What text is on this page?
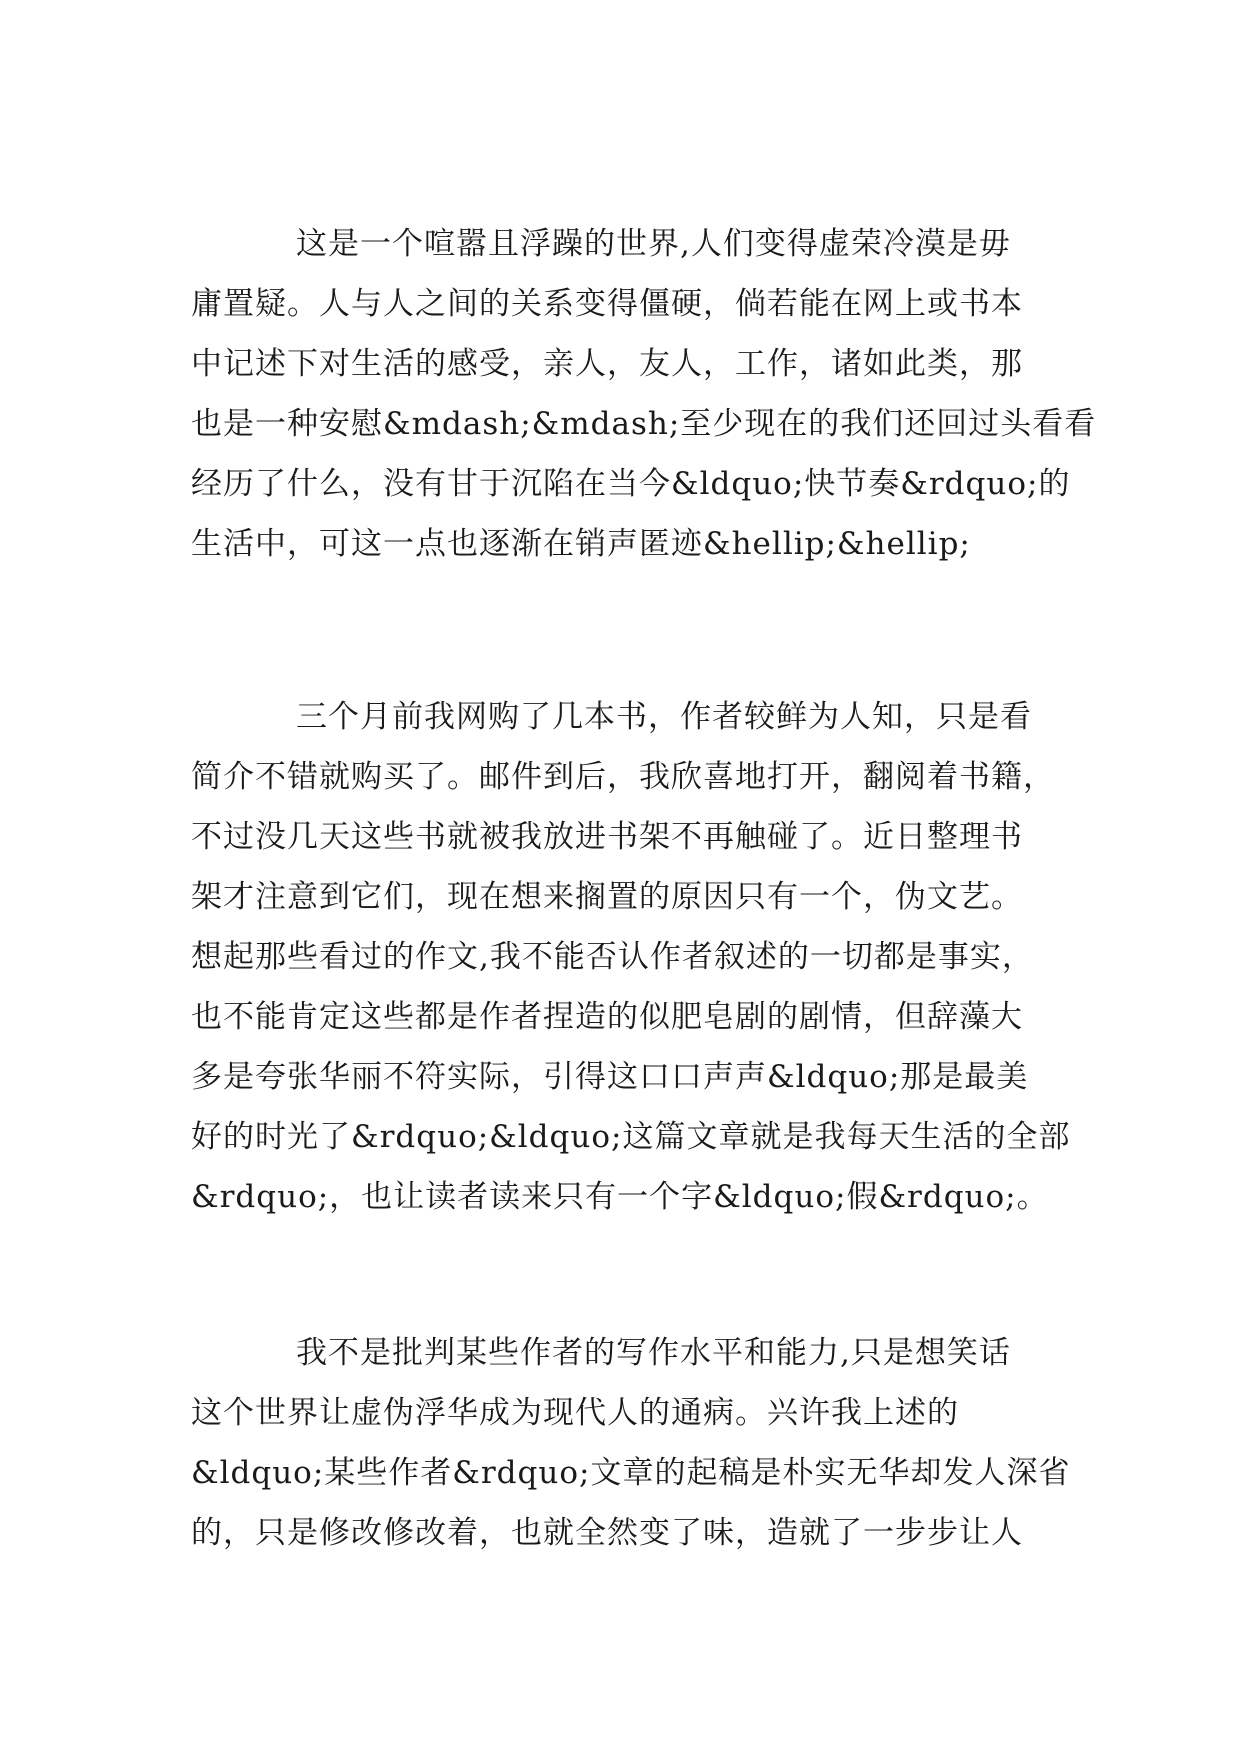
这是一个喧嚣且浮躁的世界,人们变得虚荣冷漠是毋
庸置疑。人与人之间的关系变得僵硬，倘若能在网上或书本
中记述下对生活的感受，亲人，友人，工作，诸如此类，那
也是一种安慰&mdash;&mdash;至少现在的我们还回过头看看
经历了什么，没有甘于沉陷在当今&ldquo;快节奏&rdquo;的
生活中，可这一点也逐渐在销声匿迹&hellip;&hellip;
三个月前我网购了几本书，作者较鲜为人知，只是看
简介不错就购买了。邮件到后，我欣喜地打开，翻阅着书籍，
不过没几天这些书就被我放进书架不再触碰了。近日整理书
架才注意到它们，现在想来搁置的原因只有一个，伪文艺。
想起那些看过的作文,我不能否认作者叙述的一切都是事实，
也不能肯定这些都是作者捏造的似肥皂剧的剧情，但辞藻大
多是夸张华丽不符实际，引得这口口声声&ldquo;那是最美
好的时光了&rdquo;&ldquo;这篇文章就是我每天生活的全部
&rdquo;，也让读者读来只有一个字&ldquo;假&rdquo;。
我不是批判某些作者的写作水平和能力,只是想笑话
这个世界让虚伪浮华成为现代人的通病。兴许我上述的
&ldquo;某些作者&rdquo;文章的起稿是朴实无华却发人深省
的，只是修改修改着，也就全然变了味，造就了一步步让人
